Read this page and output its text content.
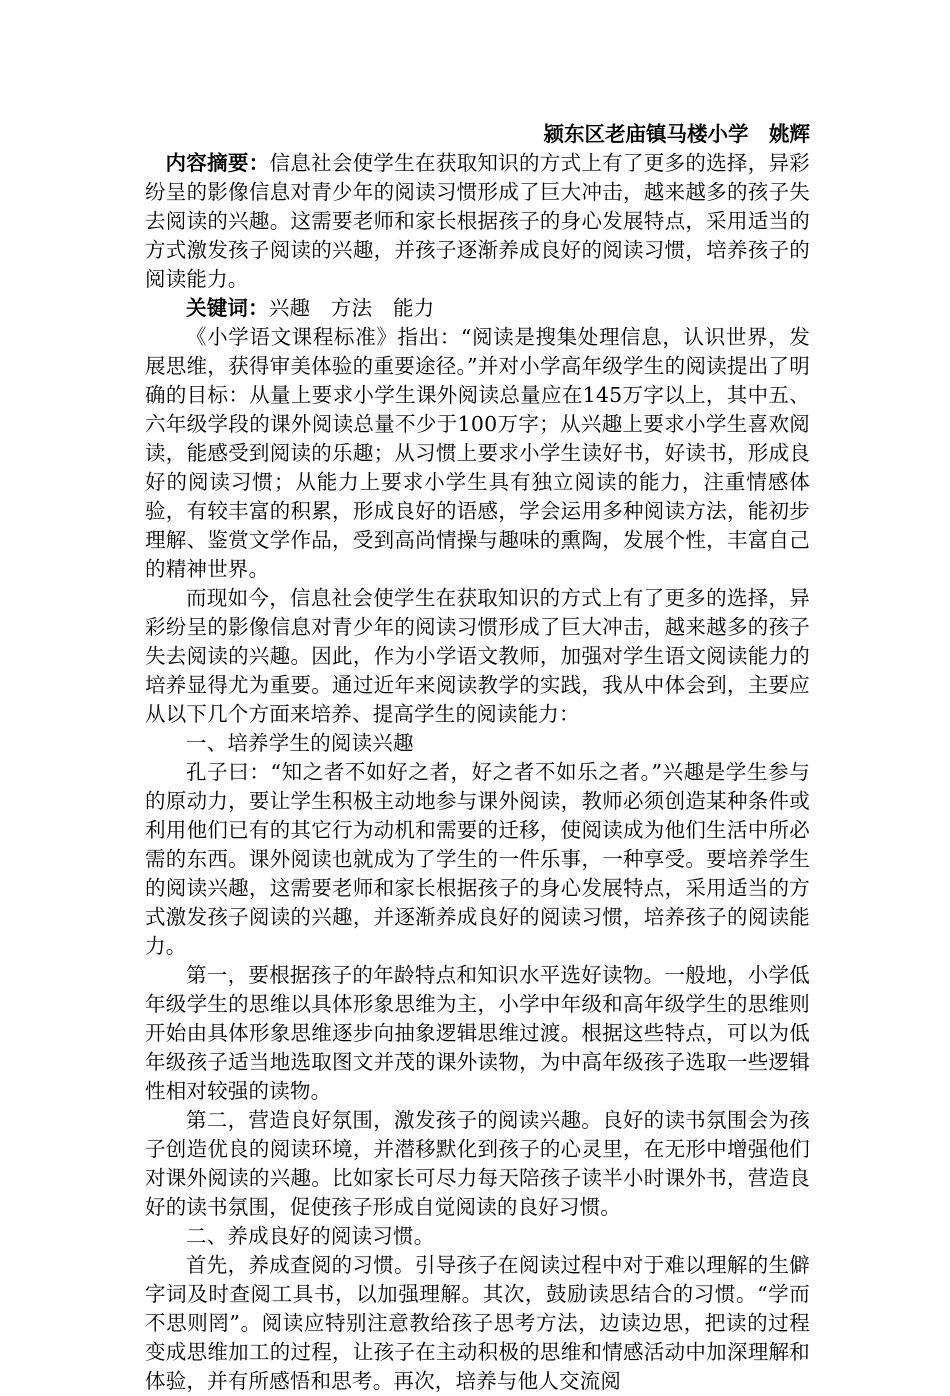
颍东区老庙镇马楼小学　姚辉

内容摘要：信息社会使学生在获取知识的方式上有了更多的选择，异彩纷呈的影像信息对青少年的阅读习惯形成了巨大冲击，越来越多的孩子失去阅读的兴趣。这需要老师和家长根据孩子的身心发展特点，采用适当的方式激发孩子阅读的兴趣，并孩子逐渐养成良好的阅读习惯，培养孩子的阅读能力。

关键词：兴趣　方法　能力

《小学语文课程标准》指出：“阅读是搜集处理信息，认识世界，发展思维，获得审美体验的重要途径。”并对小学高年级学生的阅读提出了明确的目标：从量上要求小学生课外阅读总量应在145万字以上，其中五、六年级学段的课外阅读总量不少于100万字；从兴趣上要求小学生喜欢阅读，能感受到阅读的乐趣；从习惯上要求小学生读好书，好读书，形成良好的阅读习惯；从能力上要求小学生具有独立阅读的能力，注重情感体验，有较丰富的积累，形成良好的语感，学会运用多种阅读方法，能初步理解、鉴赏文学作品，受到高尚情操与趣味的熏陶，发展个性，丰富自己的精神世界。

而现如今，信息社会使学生在获取知识的方式上有了更多的选择，异彩纷呈的影像信息对青少年的阅读习惯形成了巨大冲击，越来越多的孩子失去阅读的兴趣。因此，作为小学语文教师，加强对学生语文阅读能力的培养显得尤为重要。通过近年来阅读教学的实践，我从中体会到，主要应从以下几个方面来培养、提高学生的阅读能力：

一、培养学生的阅读兴趣

孔子曰：“知之者不如好之者，好之者不如乐之者。”兴趣是学生参与的原动力，要让学生积极主动地参与课外阅读，教师必须创造某种条件或利用他们已有的其它行为动机和需要的迁移，使阅读成为他们生活中所必需的东西。课外阅读也就成为了学生的一件乐事，一种享受。要培养学生的阅读兴趣，这需要老师和家长根据孩子的身心发展特点，采用适当的方式激发孩子阅读的兴趣，并逐渐养成良好的阅读习惯，培养孩子的阅读能力。

第一，要根据孩子的年龄特点和知识水平选好读物。一般地，小学低年级学生的思维以具体形象思维为主，小学中年级和高年级学生的思维则开始由具体形象思维逐步向抽象逻辑思维过渡。根据这些特点，可以为低年级孩子适当地选取图文并茂的课外读物，为中高年级孩子选取一些逻辑性相对较强的读物。

第二，营造良好氛围，激发孩子的阅读兴趣。良好的读书氛围会为孩子创造优良的阅读环境，并潜移默化到孩子的心灵里，在无形中增强他们对课外阅读的兴趣。比如家长可尽力每天陪孩子读半小时课外书，营造良好的读书氛围，促使孩子形成自觉阅读的良好习惯。

二、养成良好的阅读习惯。

首先，养成查阅的习惯。引导孩子在阅读过程中对于难以理解的生僻字词及时查阅工具书，以加强理解。其次，鼓励读思结合的习惯。“学而不思则罔”。阅读应特别注意教给孩子思考方法，边读边思，把读的过程变成思维加工的过程，让孩子在主动积极的思维和情感活动中加深理解和体验，并有所感悟和思考。再次，培养与他人交流阅
